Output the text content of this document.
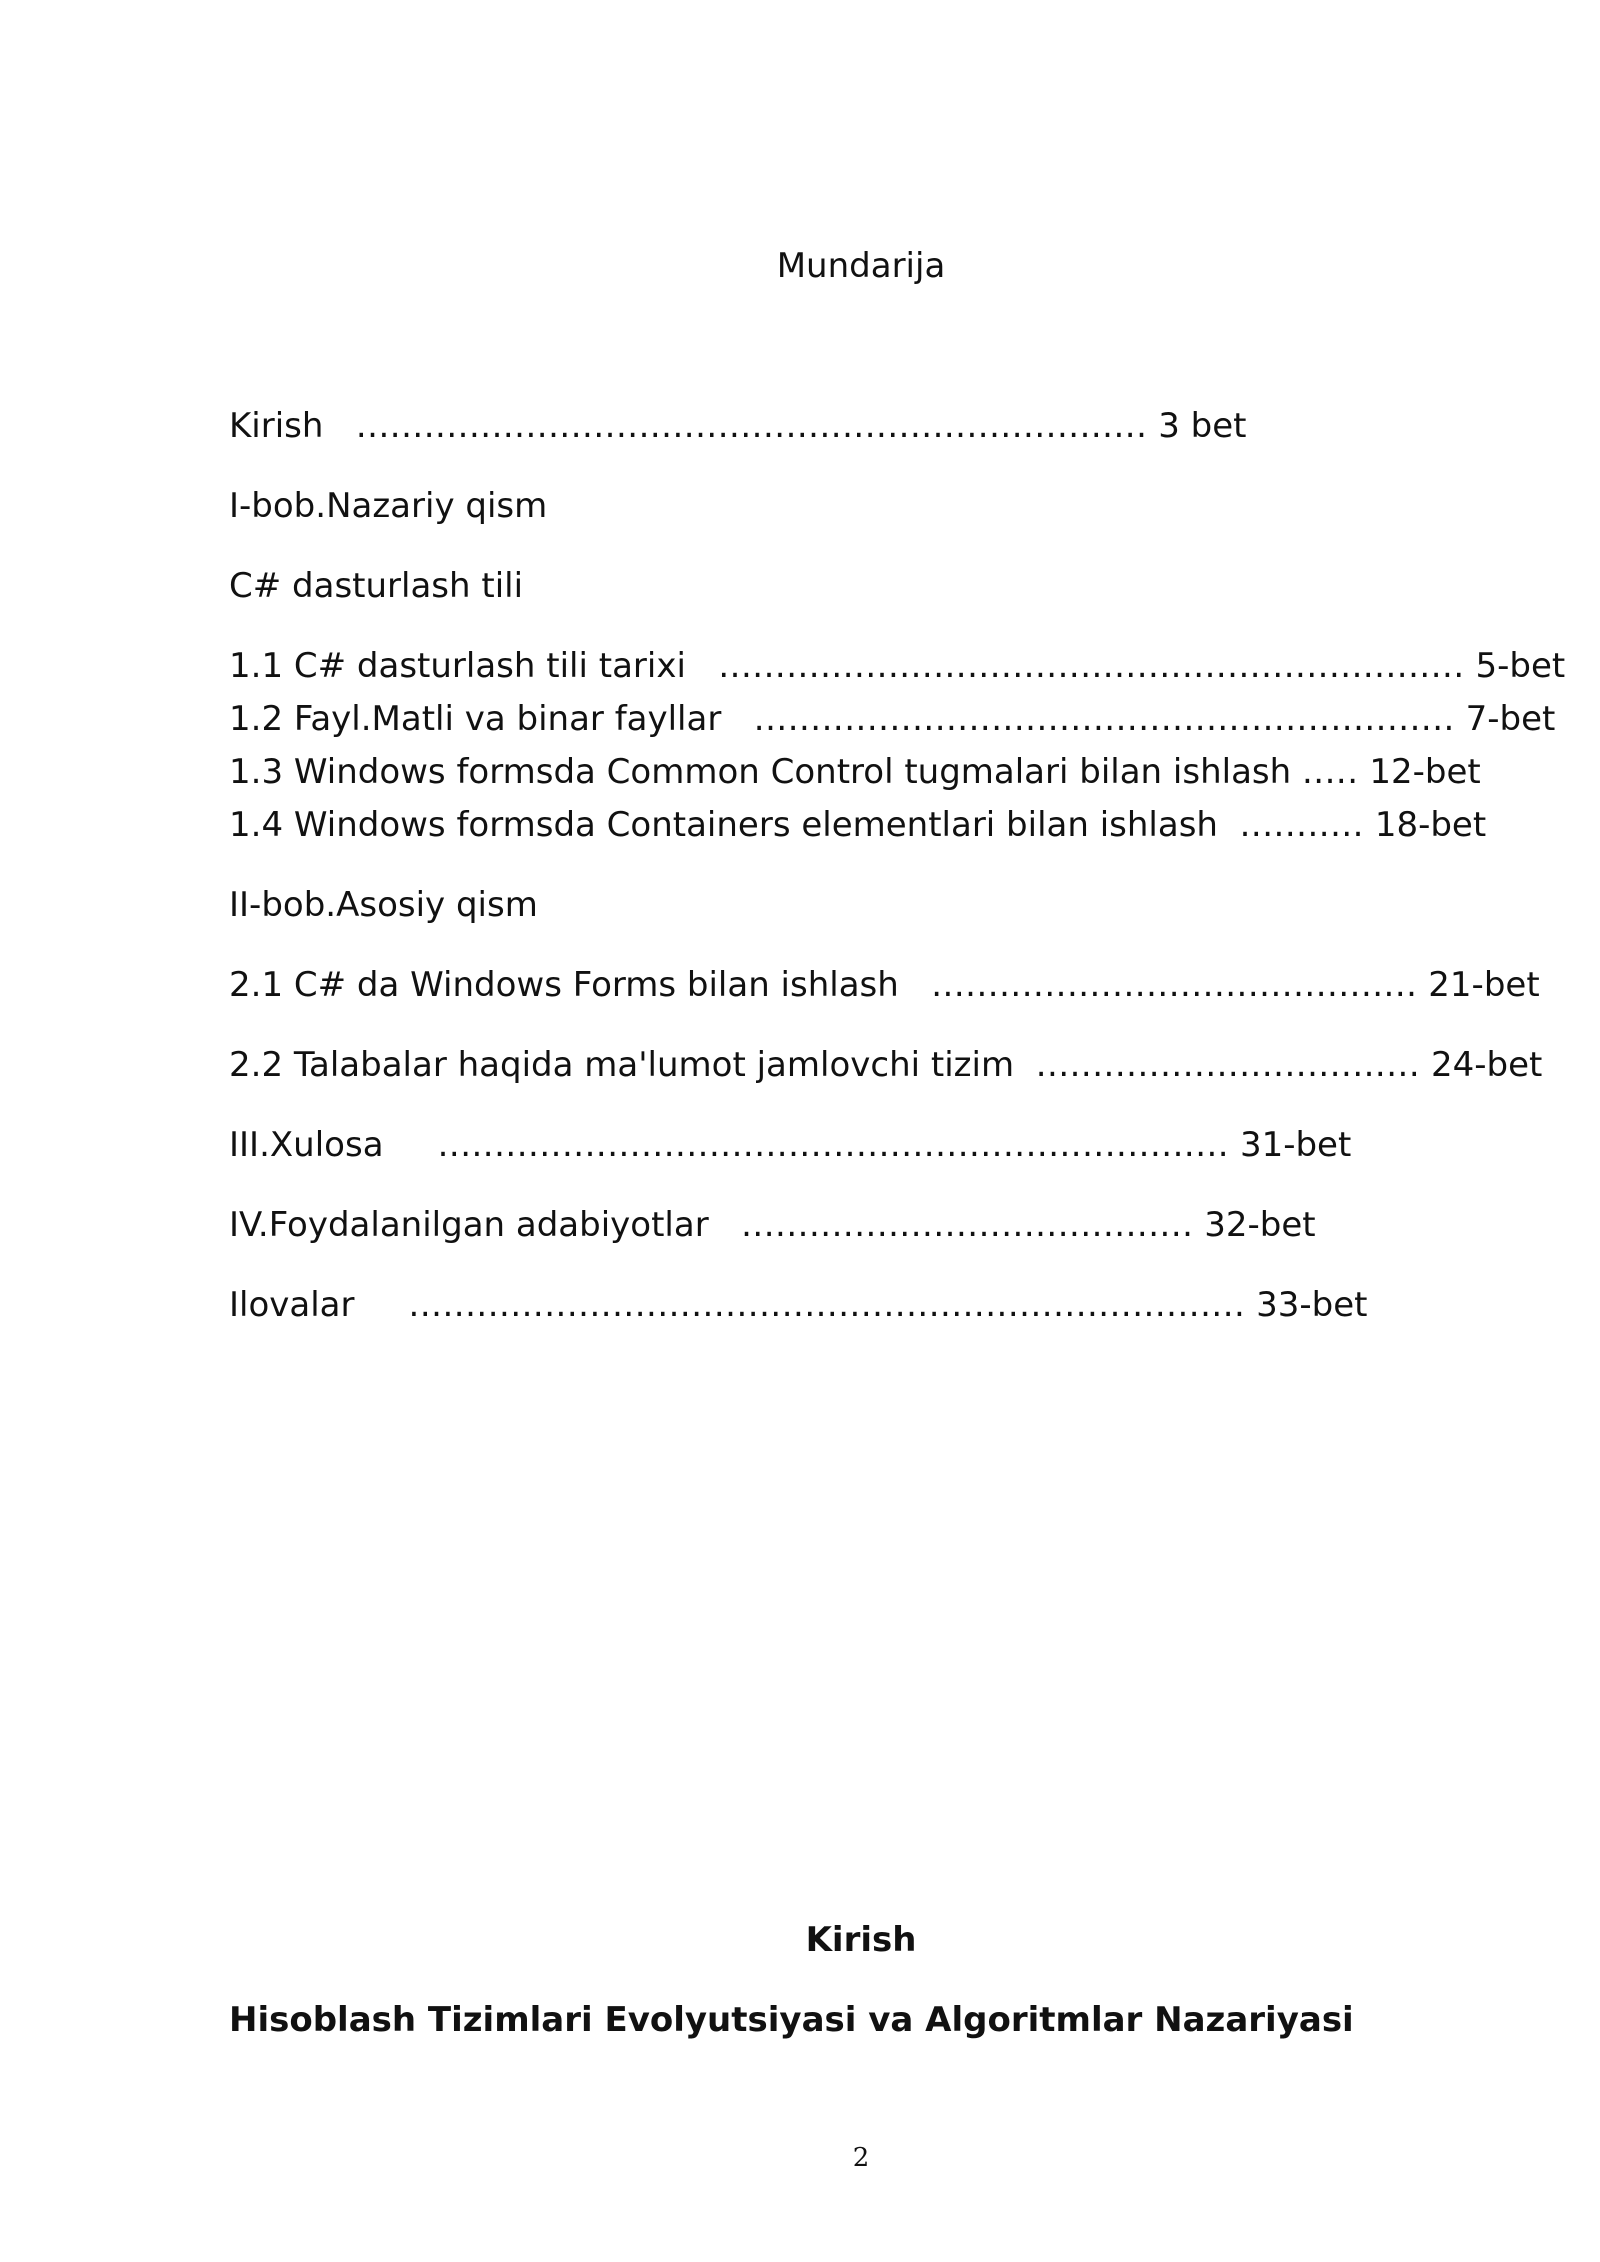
Mundarija
Kirish ...................................................................... 3 bet
I-bob.Nazariy qism
C# dasturlash tili
1.1 C# dasturlash tili tarixi .................................................................. 5-bet
1.2 Fayl.Matli va binar fayllar .............................................................. 7-bet
1.3 Windows formsda Common Control tugmalari bilan ishlash ..... 12-bet
1.4 Windows formsda Containers elementlari bilan ishlash ........... 18-bet
II-bob.Asosiy qism
2.1 C# da Windows Forms bilan ishlash ........................................... 21-bet
2.2 Talabalar haqida ma'lumot jamlovchi tizim .................................. 24-bet
III.Xulosa ...................................................................... 31-bet
IV.Foydalanilgan adabiyotlar ........................................ 32-bet
Ilovalar .......................................................................... 33-bet
Kirish
Hisoblash Tizimlari Evolyutsiyasi va Algoritmlar Nazariyasi
2
